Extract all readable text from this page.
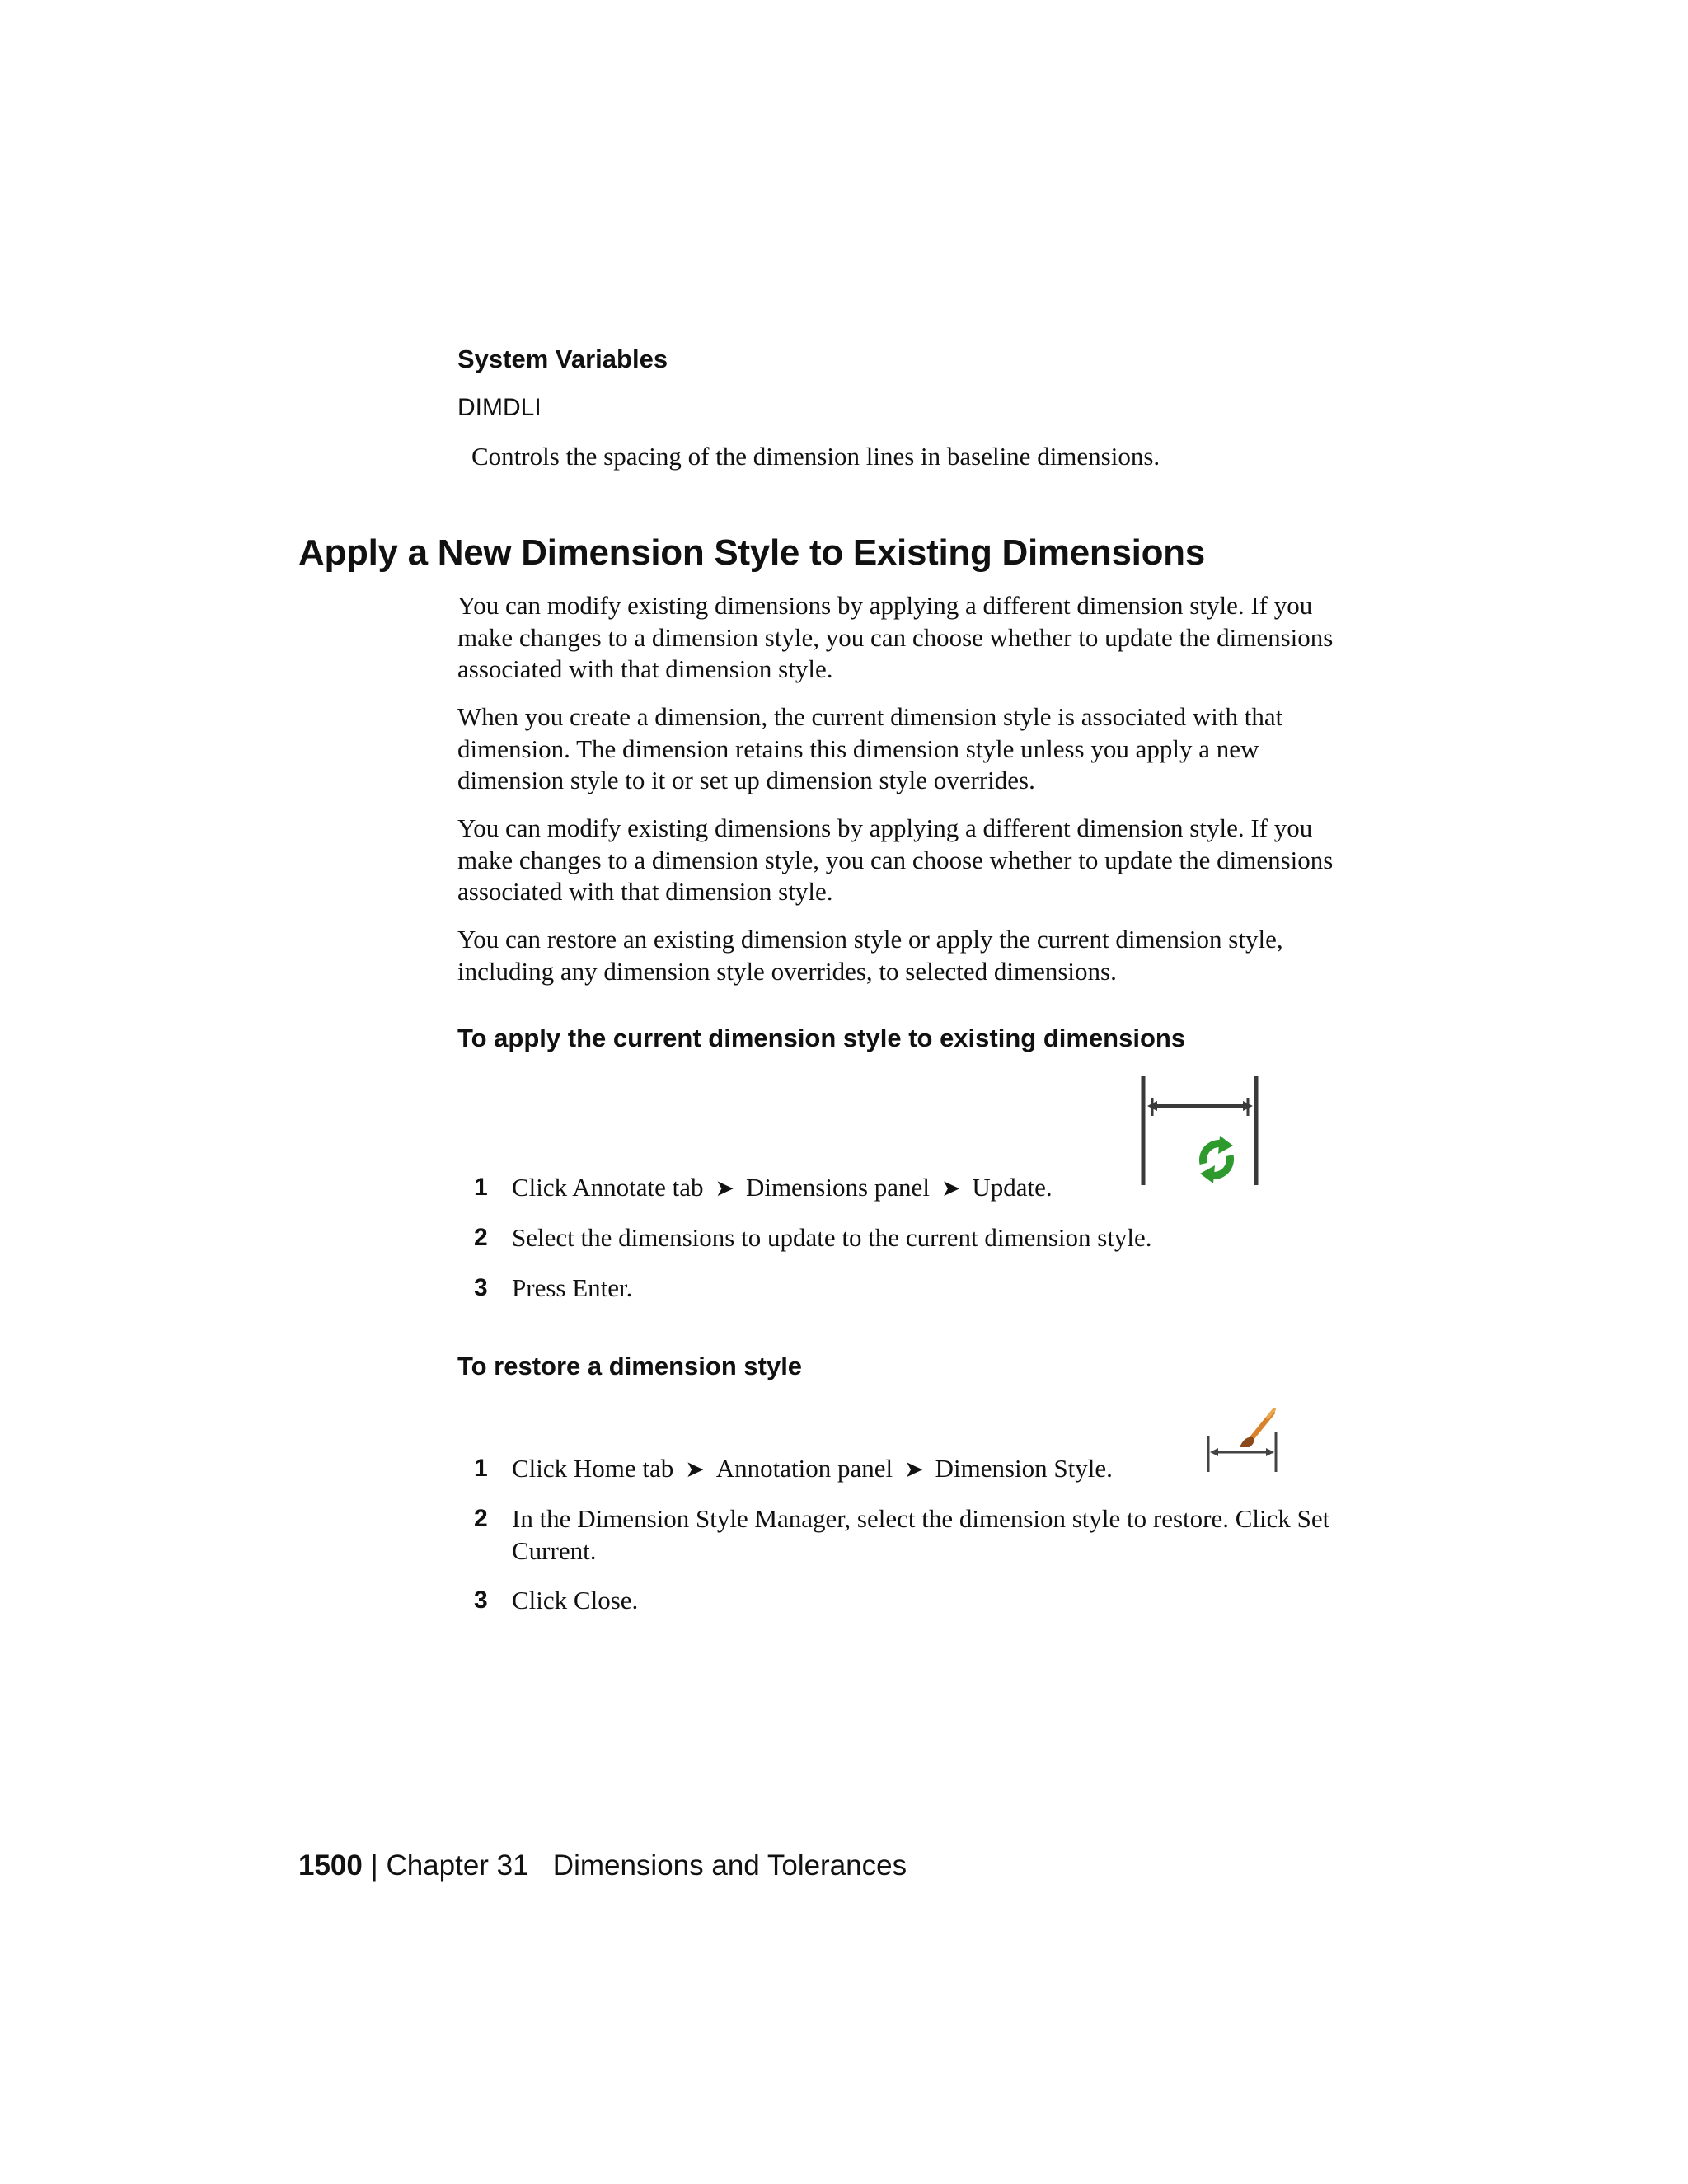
System Variables
DIMDLI
Controls the spacing of the dimension lines in baseline dimensions.
Apply a New Dimension Style to Existing Dimensions

You can modify existing dimensions by applying a different dimension style. If you make changes to a dimension style, you can choose whether to update the dimensions associated with that dimension style.

When you create a dimension, the current dimension style is associated with that dimension. The dimension retains this dimension style unless you apply a new dimension style to it or set up dimension style overrides.

You can modify existing dimensions by applying a different dimension style. If you make changes to a dimension style, you can choose whether to update the dimensions associated with that dimension style.

You can restore an existing dimension style or apply the current dimension style, including any dimension style overrides, to selected dimensions.

To apply the current dimension style to existing dimensions
1 Click Annotate tab ➤ Dimensions panel ➤ Update.
2 Select the dimensions to update to the current dimension style.
3 Press Enter.
To restore a dimension style
1 Click Home tab ➤ Annotation panel ➤ Dimension Style.
2 In the Dimension Style Manager, select the dimension style to restore. Click Set Current.
3 Click Close.
1500 | Chapter 31 Dimensions and Tolerances
